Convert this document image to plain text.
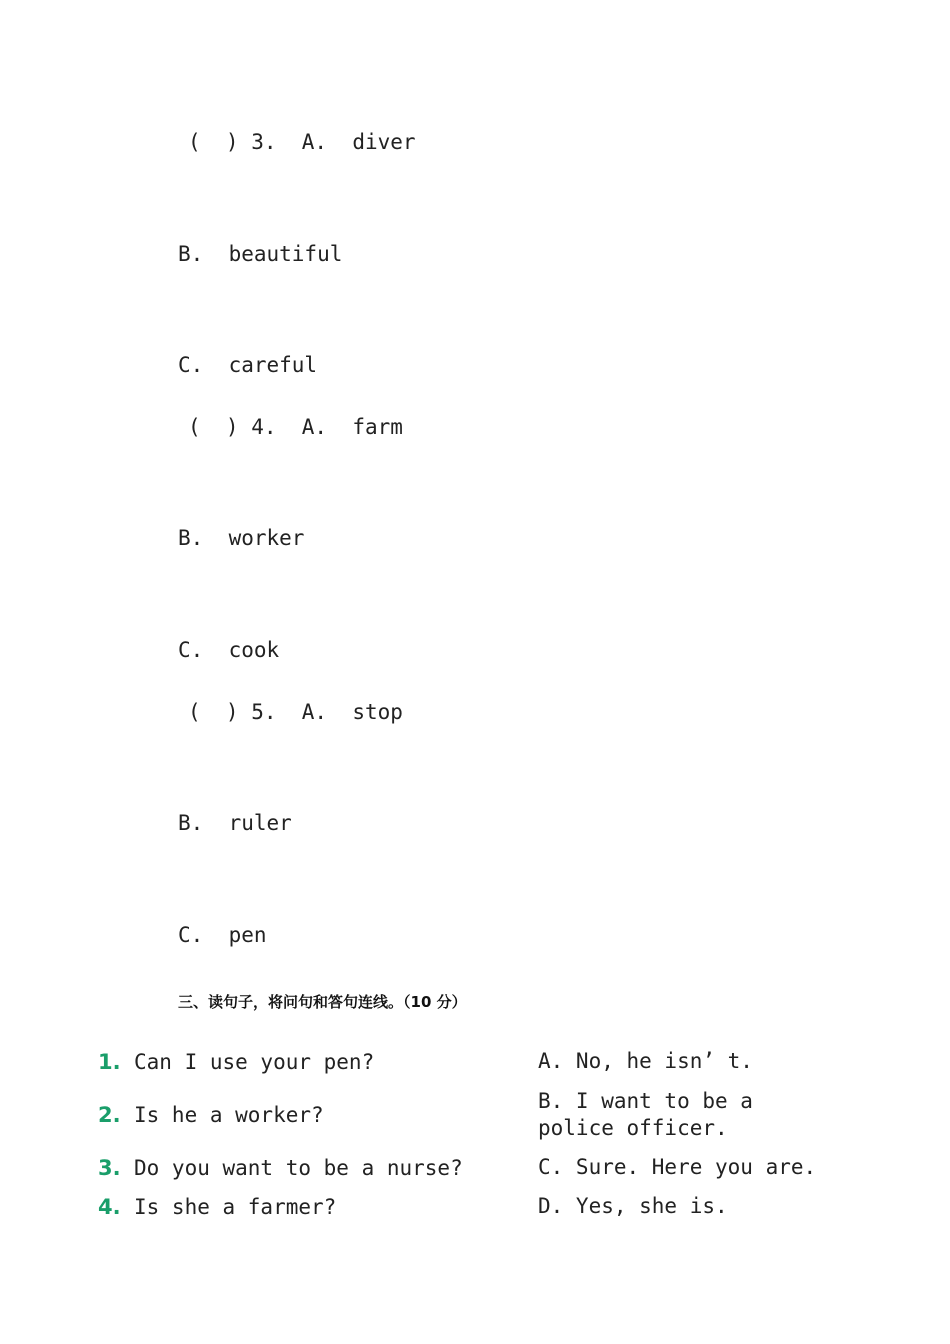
(  ) 3.  A.  diver
B.  beautiful
C.  careful
(  ) 4.  A.  farm
B.  worker
C.  cook
(  ) 5.  A.  stop
B.  ruler
C.  pen
三、读句子，将问句和答句连线。（10 分）
1. Can I use your pen?
2. Is he a worker?
3. Do you want to be a nurse?
4. Is she a farmer?
A. No, he isn’ t.
B. I want to be a police officer.
C. Sure. Here you are.
D. Yes, she is.
